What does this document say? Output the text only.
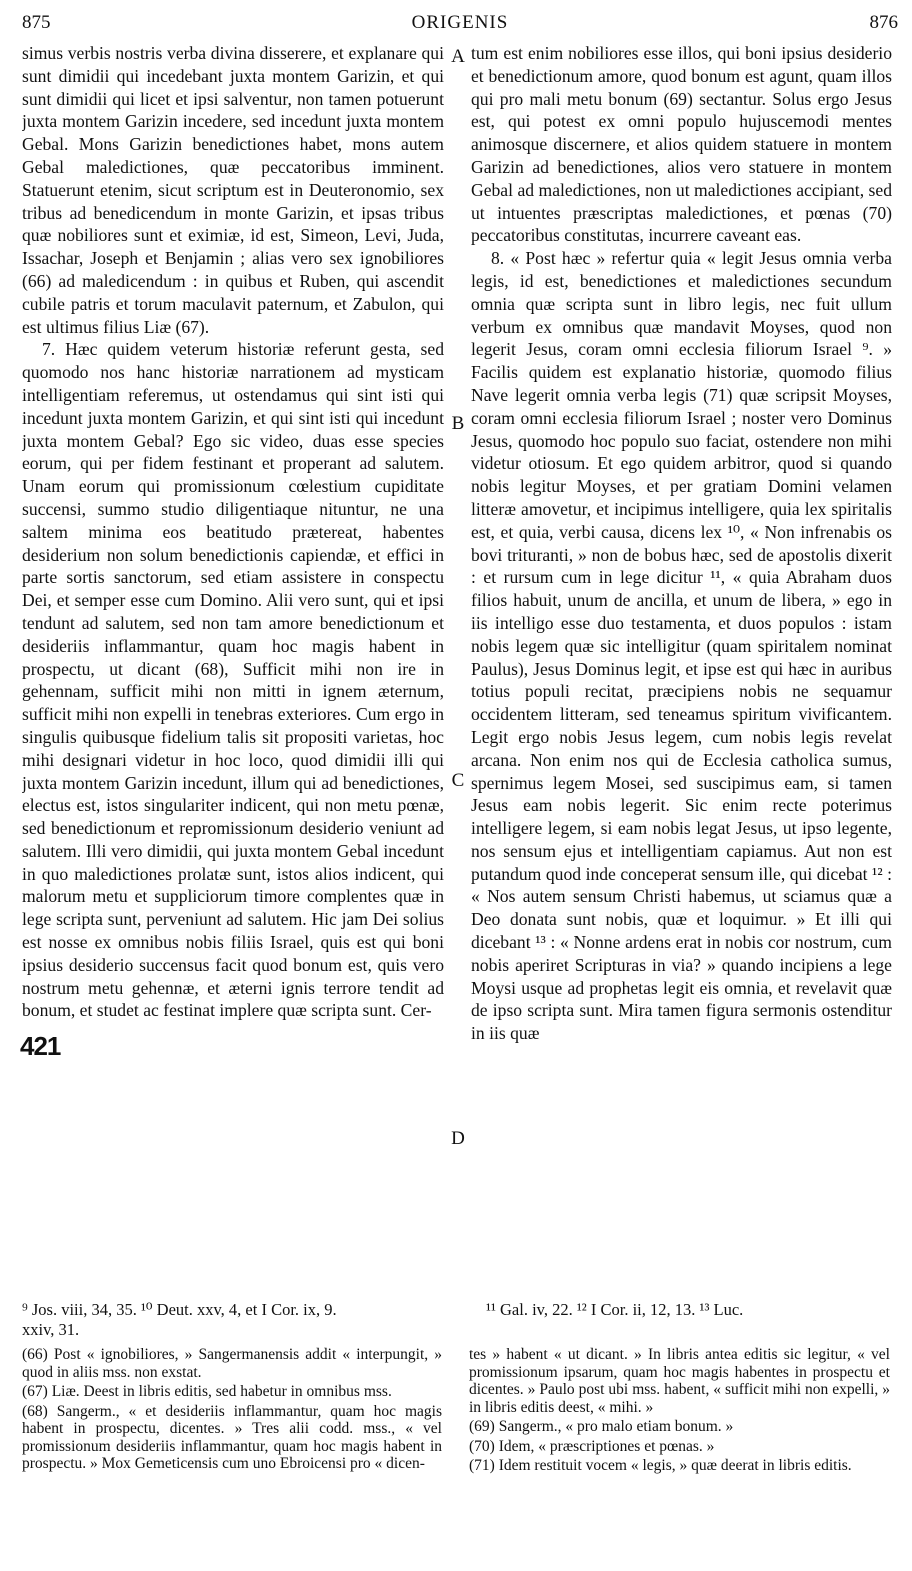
875	ORIGENIS	876

simus verbis nostris verba divina disserere, et explanare qui sunt dimidii qui incedebant juxta montem Garizin, et qui sunt dimidii qui licet et ipsi salventur, non tamen potuerunt juxta montem Garizin incedere, sed incedunt juxta montem Gebal. Mons Garizin benedictiones habet, mons autem Gebal maledictiones, quæ peccatoribus imminent. Statuerunt etenim, sicut scriptum est in Deuteronomio, sex tribus ad benedicendum in monte Garizin, et ipsas tribus quæ nobiliores sunt et eximiæ, id est, Simeon, Levi, Juda, Issachar, Joseph et Benjamin ; alias vero sex ignobiliores (66) ad maledicendum : in quibus et Ruben, qui ascendit cubile patris et torum maculavit paternum, et Zabulon, qui est ultimus filius Liæ (67).

7. Hæc quidem veterum historiæ referunt gesta, sed quomodo nos hanc historiæ narrationem ad mysticam intelligentiam referemus, ut ostendamus qui sint isti qui incedunt juxta montem Garizin, et qui sint isti qui incedunt juxta montem Gebal? Ego sic video, duas esse species eorum, qui per fidem festinant et properant ad salutem. Unam eorum qui promissionum cœlestium cupiditate succensi, summo studio diligentiaque nituntur, ne una saltem minima eos beatitudo prætereat, habentes desiderium non solum benedictionis capiendæ, et effici in parte sortis sanctorum, sed etiam assistere in conspectu Dei, et semper esse cum Domino. Alii vero sunt, qui et ipsi tendunt ad salutem, sed non tam amore benedictionum et desideriis inflammantur, quam hoc magis habent in prospectu, ut dicant (68), Sufficit mihi non ire in gehennam, sufficit mihi non mitti in ignem æternum, sufficit mihi non expelli in tenebras exteriores. Cum ergo in singulis quibusque fidelium talis sit propositi varietas, hoc mihi designari videtur in hoc loco, quod dimidii illi qui juxta montem Garizin incedunt, illum qui ad benedictiones, electus est, istos singulariter indicent, qui non metu pœnæ, sed benedictionum et repromissionum desiderio veniunt ad salutem. Illi vero dimidii, qui juxta montem Gebal incedunt in quo maledictiones prolatæ sunt, istos alios indicent, qui malorum metu et suppliciorum timore complentes quæ in lege scripta sunt, perveniunt ad salutem. Hic jam Dei solius est nosse ex omnibus nobis filiis Israel, quis est qui boni ipsius desiderio succensus facit quod bonum est, quis vero nostrum metu gehennæ, et æterni ignis terrore tendit ad bonum, et studet ac festinat implere quæ scripta sunt. Cer-

tum est enim nobiliores esse illos, qui boni ipsius desiderio et benedictionum amore, quod bonum est agunt, quam illos qui pro mali metu bonum (69) sectantur. Solus ergo Jesus est, qui potest ex omni populo hujuscemodi mentes animosque discernere, et alios quidem statuere in montem Garizin ad benedictiones, alios vero statuere in montem Gebal ad maledictiones, non ut maledictiones accipiant, sed ut intuentes præscriptas maledictiones, et pœnas (70) peccatoribus constitutas, incurrere caveant eas.

8. « Post hæc » refertur quia « legit Jesus omnia verba legis, id est, benedictiones et maledictiones secundum omnia quæ scripta sunt in libro legis, nec fuit ullum verbum ex omnibus quæ mandavit Moyses, quod non legerit Jesus, coram omni ecclesia filiorum Israel ⁹. » Facilis quidem est explanatio historiæ, quomodo filius Nave legerit omnia verba legis (71) quæ scripsit Moyses, coram omni ecclesia filiorum Israel ; noster vero Dominus Jesus, quomodo hoc populo suo faciat, ostendere non mihi videtur otiosum. Et ego quidem arbitror, quod si quando nobis legitur Moyses, et per gratiam Domini velamen litteræ amovetur, et incipimus intelligere, quia lex spiritalis est, et quia, verbi causa, dicens lex ¹⁰, « Non infrenabis os bovi trituranti, » non de bobus hæc, sed de apostolis dixerit : et rursum cum in lege dicitur ¹¹, « quia Abraham duos filios habuit, unum de ancilla, et unum de libera, » ego in iis intelligo esse duo testamenta, et duos populos : istam nobis legem quæ sic intelligitur (quam spiritalem nominat Paulus), Jesus Dominus legit, et ipse est qui hæc in auribus totius populi recitat, præcipiens nobis ne sequamur occidentem litteram, sed teneamus spiritum vivificantem. Legit ergo nobis Jesus legem, cum nobis legis revelat arcana. Non enim nos qui de Ecclesia catholica sumus, spernimus legem Mosei, sed suscipimus eam, si tamen Jesus eam nobis legerit. Sic enim recte poterimus intelligere legem, si eam nobis legat Jesus, ut ipso legente, nos sensum ejus et intelligentiam capiamus. Aut non est putandum quod inde conceperat sensum ille, qui dicebat ¹² : « Nos autem sensum Christi habemus, ut sciamus quæ a Deo donata sunt nobis, quæ et loquimur. » Et illi qui dicebant ¹³ : « Nonne ardens erat in nobis cor nostrum, cum nobis aperiret Scripturas in via? » quando incipiens a lege Moysi usque ad prophetas legit eis omnia, et revelavit quæ de ipso scripta sunt. Mira tamen figura sermonis ostenditur in iis quæ

A
B
C
D
421
⁹ Jos. viii, 34, 35. ¹⁰ Deut. xxv, 4, et I Cor. ix, 9.	¹¹ Gal. iv, 22. ¹² I Cor. ii, 12, 13. ¹³ Luc.
xxiv, 31.

(66) Post « ignobiliores, » Sangermanensis addit « interpungit, » quod in aliis mss. non exstat.

(67) Liæ. Deest in libris editis, sed habetur in omnibus mss.

(68) Sangerm., « et desideriis inflammantur, quam hoc magis habent in prospectu, dicentes. » Tres alii codd. mss., « vel promissionum desideriis inflammantur, quam hoc magis habent in prospectu. » Mox Gemeticensis cum uno Ebroicensi pro « dicen-

tes » habent « ut dicant. » In libris antea editis sic legitur, « vel promissionum ipsarum, quam hoc magis habentes in prospectu et dicentes. » Paulo post ubi mss. habent, « sufficit mihi non expelli, » in libris editis deest, « mihi. »

(69) Sangerm., « pro malo etiam bonum. »

(70) Idem, « præscriptiones et pœnas. »

(71) Idem restituit vocem « legis, » quæ deerat in libris editis.
